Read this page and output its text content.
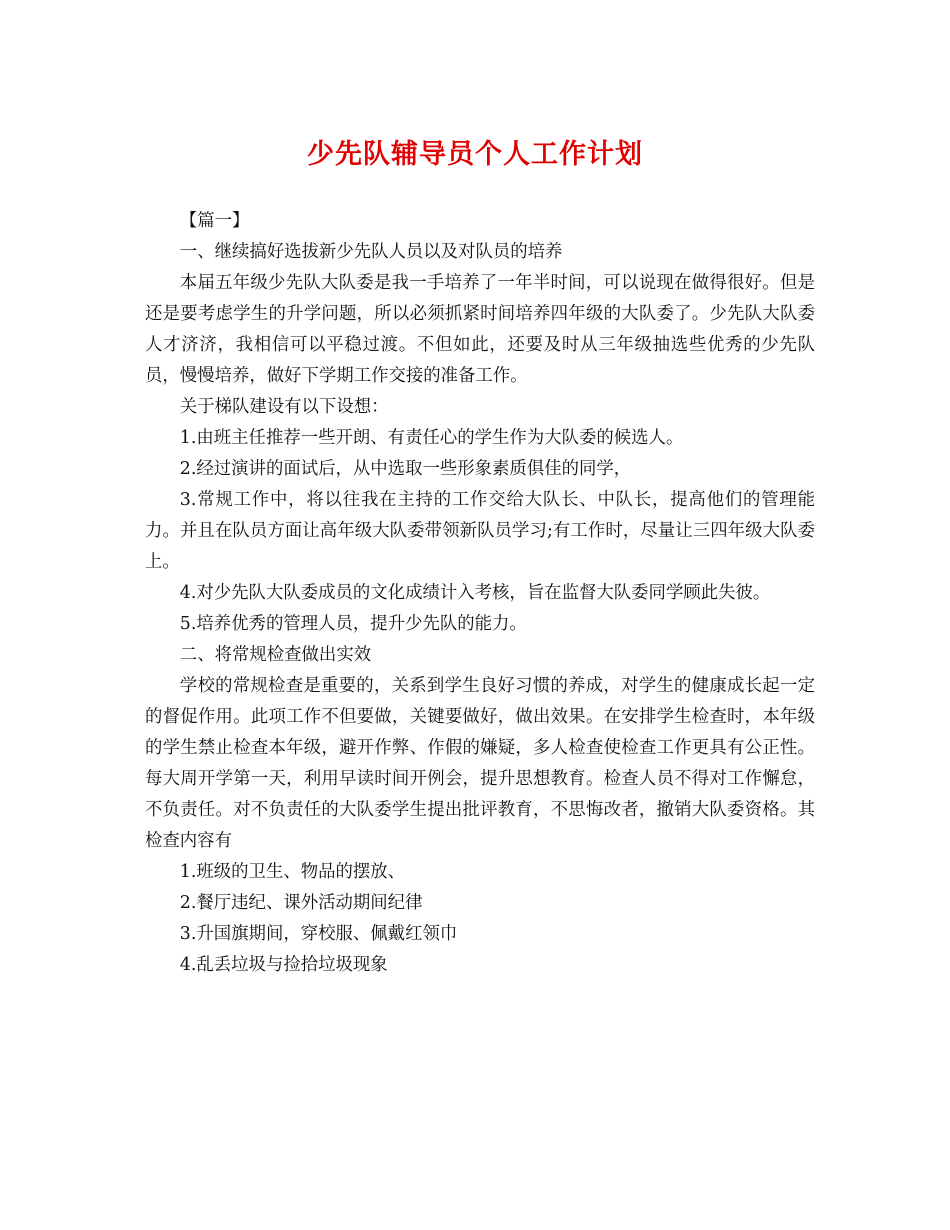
少先队辅导员个人工作计划

【篇一】

一、继续搞好选拔新少先队人员以及对队员的培养

本届五年级少先队大队委是我一手培养了一年半时间，可以说现在做得很好。但是还是要考虑学生的升学问题，所以必须抓紧时间培养四年级的大队委了。少先队大队委人才济济，我相信可以平稳过渡。不但如此，还要及时从三年级抽选些优秀的少先队员，慢慢培养，做好下学期工作交接的准备工作。

关于梯队建设有以下设想：

1.由班主任推荐一些开朗、有责任心的学生作为大队委的候选人。

2.经过演讲的面试后，从中选取一些形象素质俱佳的同学，

3.常规工作中，将以往我在主持的工作交给大队长、中队长，提高他们的管理能力。并且在队员方面让高年级大队委带领新队员学习;有工作时，尽量让三四年级大队委上。

4.对少先队大队委成员的文化成绩计入考核，旨在监督大队委同学顾此失彼。

5.培养优秀的管理人员，提升少先队的能力。

二、将常规检查做出实效

学校的常规检查是重要的，关系到学生良好习惯的养成，对学生的健康成长起一定的督促作用。此项工作不但要做，关键要做好，做出效果。在安排学生检查时，本年级的学生禁止检查本年级，避开作弊、作假的嫌疑，多人检查使检查工作更具有公正性。每大周开学第一天，利用早读时间开例会，提升思想教育。检查人员不得对工作懈怠，不负责任。对不负责任的大队委学生提出批评教育，不思悔改者，撤销大队委资格。其检查内容有

1.班级的卫生、物品的摆放、

2.餐厅违纪、课外活动期间纪律

3.升国旗期间，穿校服、佩戴红领巾

4.乱丢垃圾与捡拾垃圾现象
